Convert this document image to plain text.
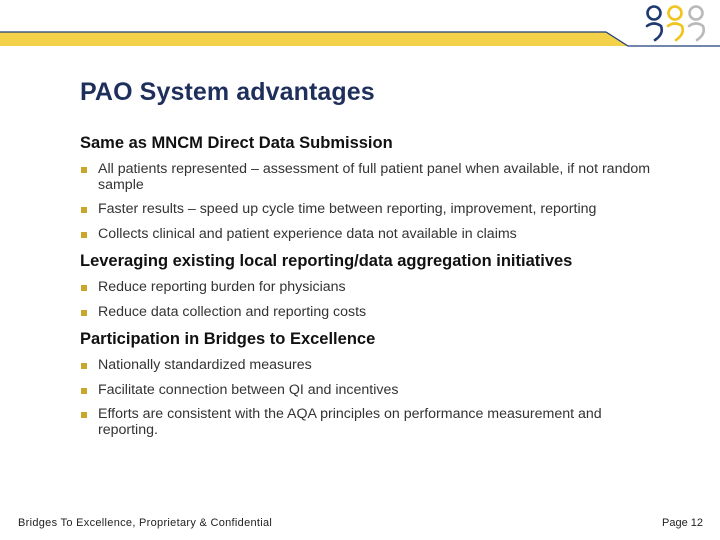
PAO System advantages
Same as MNCM Direct Data Submission
All patients represented – assessment of full patient panel when available, if not random sample
Faster results – speed up cycle time between reporting, improvement, reporting
Collects clinical and patient experience data not available in claims
Leveraging existing local reporting/data aggregation initiatives
Reduce reporting burden for physicians
Reduce data collection and reporting costs
Participation in Bridges to Excellence
Nationally standardized measures
Facilitate connection between QI and incentives
Efforts are consistent with the AQA principles on performance measurement and reporting.
Bridges To Excellence, Proprietary & Confidential	Page 12
